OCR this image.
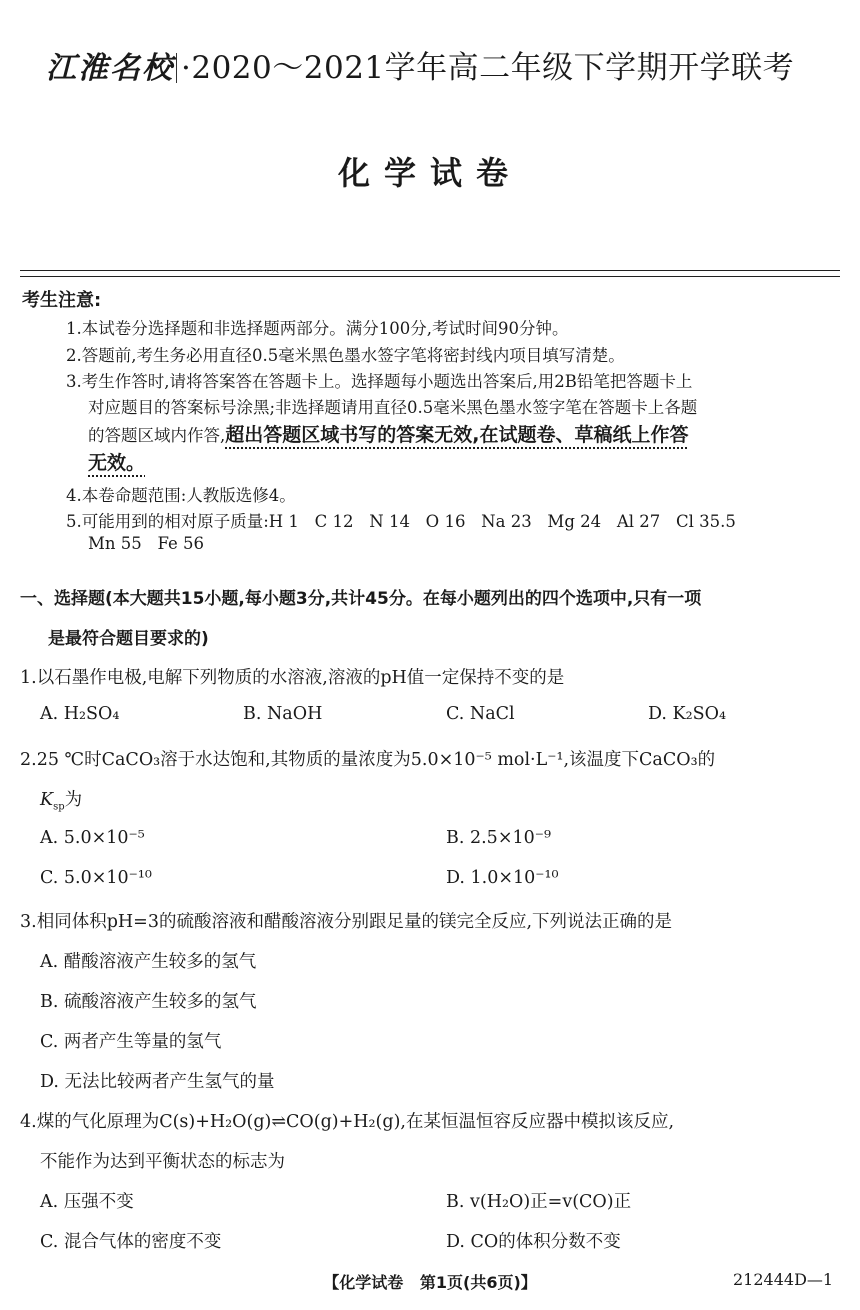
江淮名校 ·2020～2021学年高二年级下学期开学联考
化学试卷
考生注意:
1.本试卷分选择题和非选择题两部分。满分100分,考试时间90分钟。
2.答题前,考生务必用直径0.5毫米黑色墨水签字笔将密封线内项目填写清楚。
3.考生作答时,请将答案答在答题卡上。选择题每小题选出答案后,用2B铅笔把答题卡上
对应题目的答案标号涂黑;非选择题请用直径0.5毫米黑色墨水签字笔在答题卡上各题
的答题区域内作答,超出答题区域书写的答案无效,在试题卷、草稿纸上作答
无效。
4.本卷命题范围:人教版选修4。
5.可能用到的相对原子质量:H 1   C 12   N 14   O 16   Na 23   Mg 24   Al 27   Cl 35.5
Mn 55   Fe 56
一、选择题(本大题共15小题,每小题3分,共计45分。在每小题列出的四个选项中,只有一项
是最符合题目要求的)
1.以石墨作电极,电解下列物质的水溶液,溶液的pH值一定保持不变的是
A. H₂SO₄	B. NaOH	C. NaCl	D. K₂SO₄
2.25 ℃时CaCO₃溶于水达饱和,其物质的量浓度为5.0×10⁻⁵ mol·L⁻¹,该温度下CaCO₃的
$K_{sp}$为
A. 5.0×10⁻⁵	B. 2.5×10⁻⁹
C. 5.0×10⁻¹⁰	D. 1.0×10⁻¹⁰
3.相同体积pH=3的硫酸溶液和醋酸溶液分别跟足量的镁完全反应,下列说法正确的是
A. 醋酸溶液产生较多的氢气
B. 硫酸溶液产生较多的氢气
C. 两者产生等量的氢气
D. 无法比较两者产生氢气的量
4.煤的气化原理为C(s)+H₂O(g)⇌CO(g)+H₂(g),在某恒温恒容反应器中模拟该反应,
不能作为达到平衡状态的标志为
A. 压强不变	B. v(H₂O)正=v(CO)正
C. 混合气体的密度不变	D. CO的体积分数不变
【化学试卷   第1页(共6页)】	212444D—1
